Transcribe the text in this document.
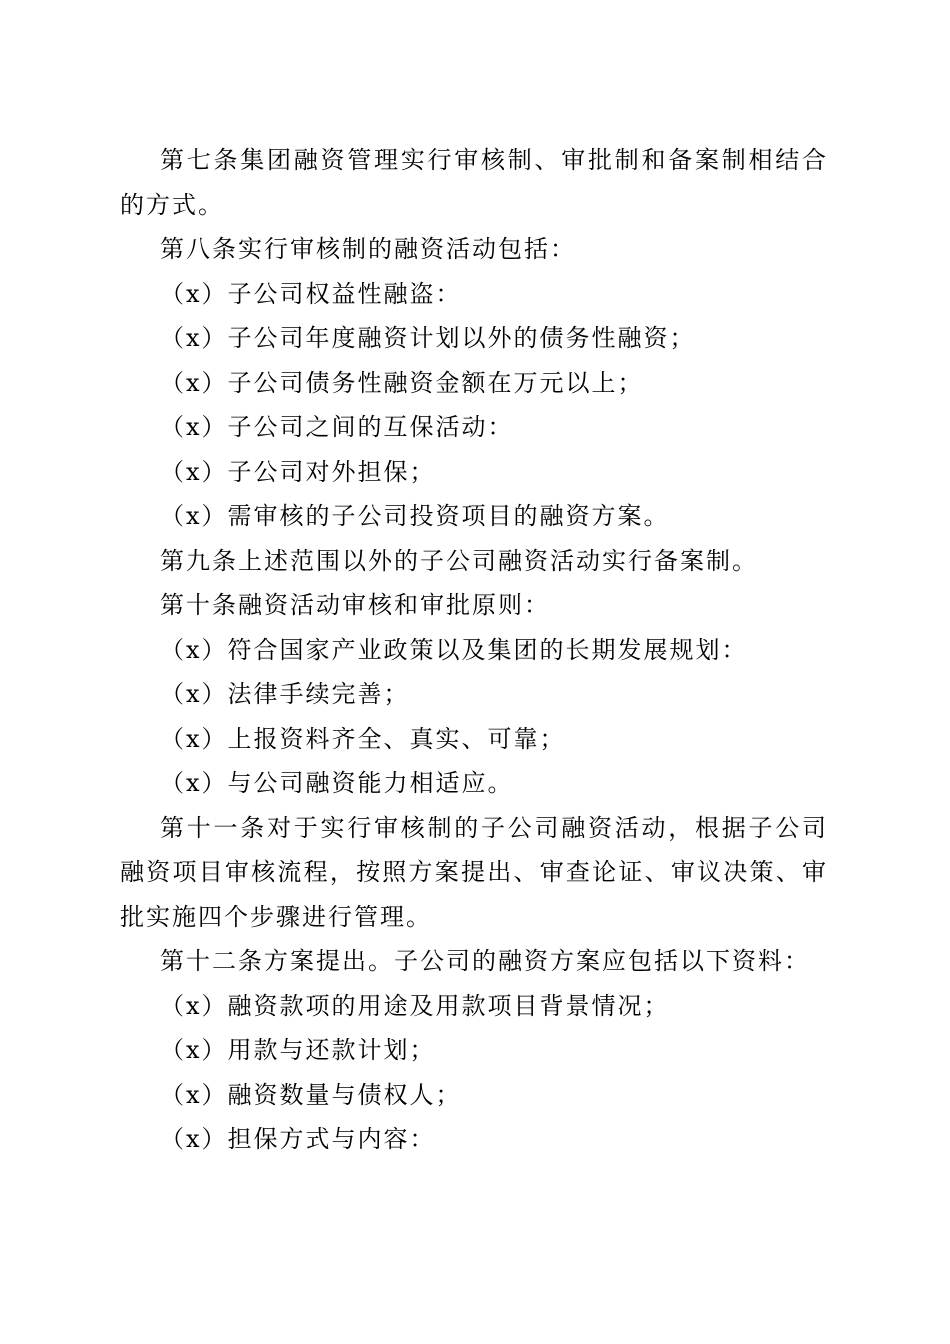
第七条集团融资管理实行审核制、审批制和备案制相结合的方式。

第八条实行审核制的融资活动包括：

（x）子公司权益性融盗：

（x）子公司年度融资计划以外的债务性融资；

（x）子公司债务性融资金额在万元以上；

（x）子公司之间的互保活动：

（x）子公司对外担保；

（x）需审核的子公司投资项目的融资方案。

第九条上述范围以外的子公司融资活动实行备案制。

第十条融资活动审核和审批原则：

（x）符合国家产业政策以及集团的长期发展规划：

（x）法律手续完善；

（x）上报资料齐全、真实、可靠；

（x）与公司融资能力相适应。

第十一条对于实行审核制的子公司融资活动，根据子公司融资项目审核流程，按照方案提出、审查论证、审议决策、审批实施四个步骤进行管理。

第十二条方案提出。子公司的融资方案应包括以下资料：

（x）融资款项的用途及用款项目背景情况；

（x）用款与还款计划；

（x）融资数量与债权人；

（x）担保方式与内容：
